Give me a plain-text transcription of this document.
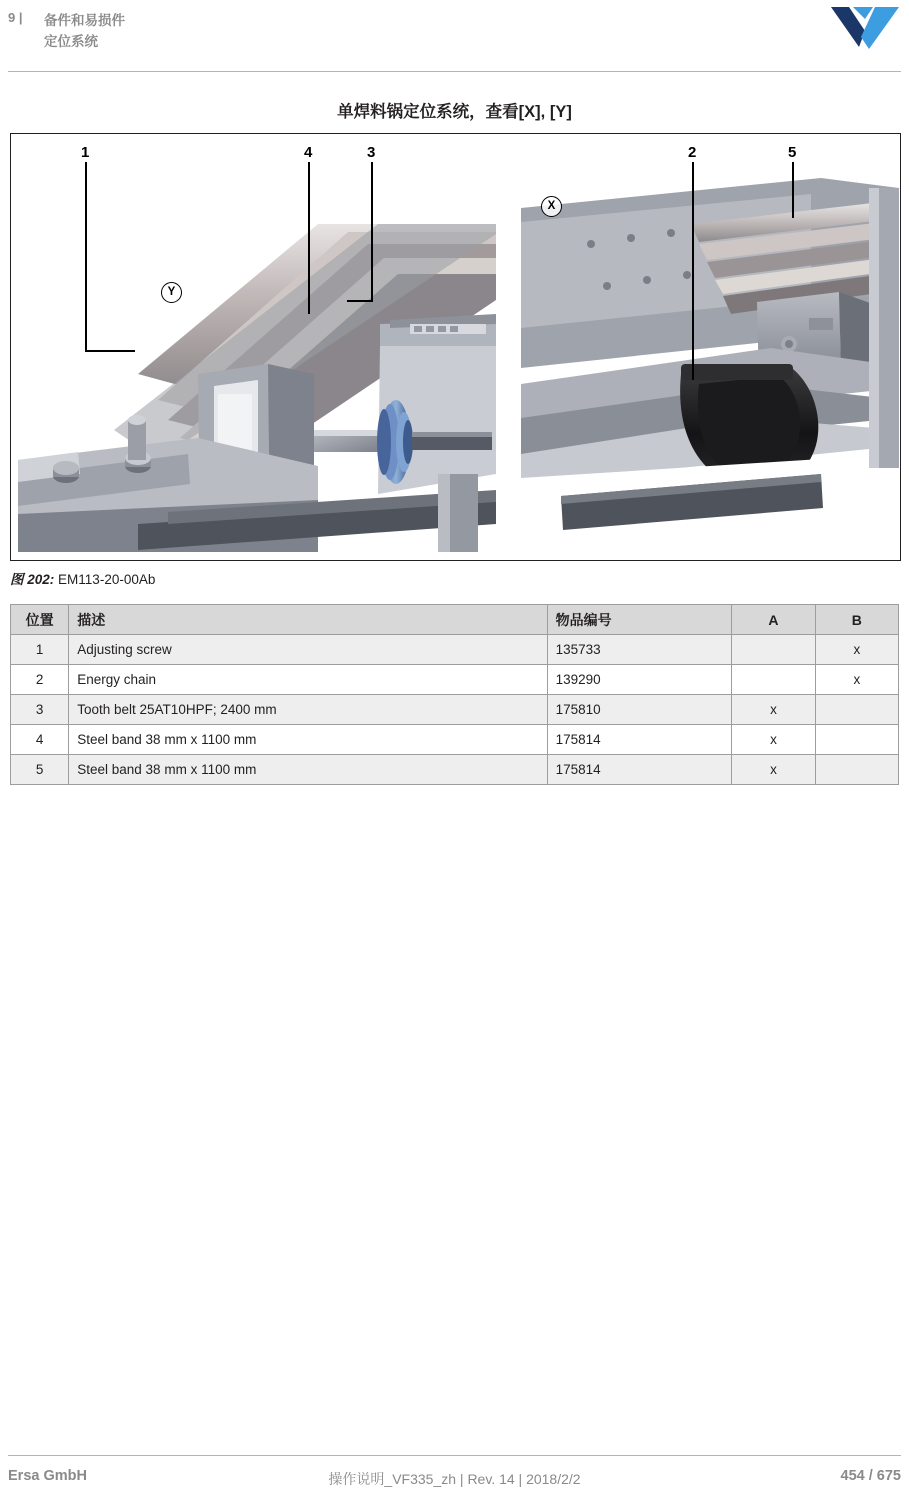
9 | 备件和易损件
定位系统
单焊料锅定位系统，查看[X], [Y]
1	4	3	2	5
Y
X
图 202: EM113-20-00Ab
位置	描述	物品编号	A	B
1	Adjusting screw	135733		x
2	Energy chain	139290		x
3	Tooth belt 25AT10HPF; 2400 mm	175810	x	
4	Steel band 38 mm x 1100 mm	175814	x	
5	Steel band 38 mm x 1100 mm	175814	x	
Ersa GmbH	操作说明_VF335_zh | Rev. 14 | 2018/2/2	454 / 675
